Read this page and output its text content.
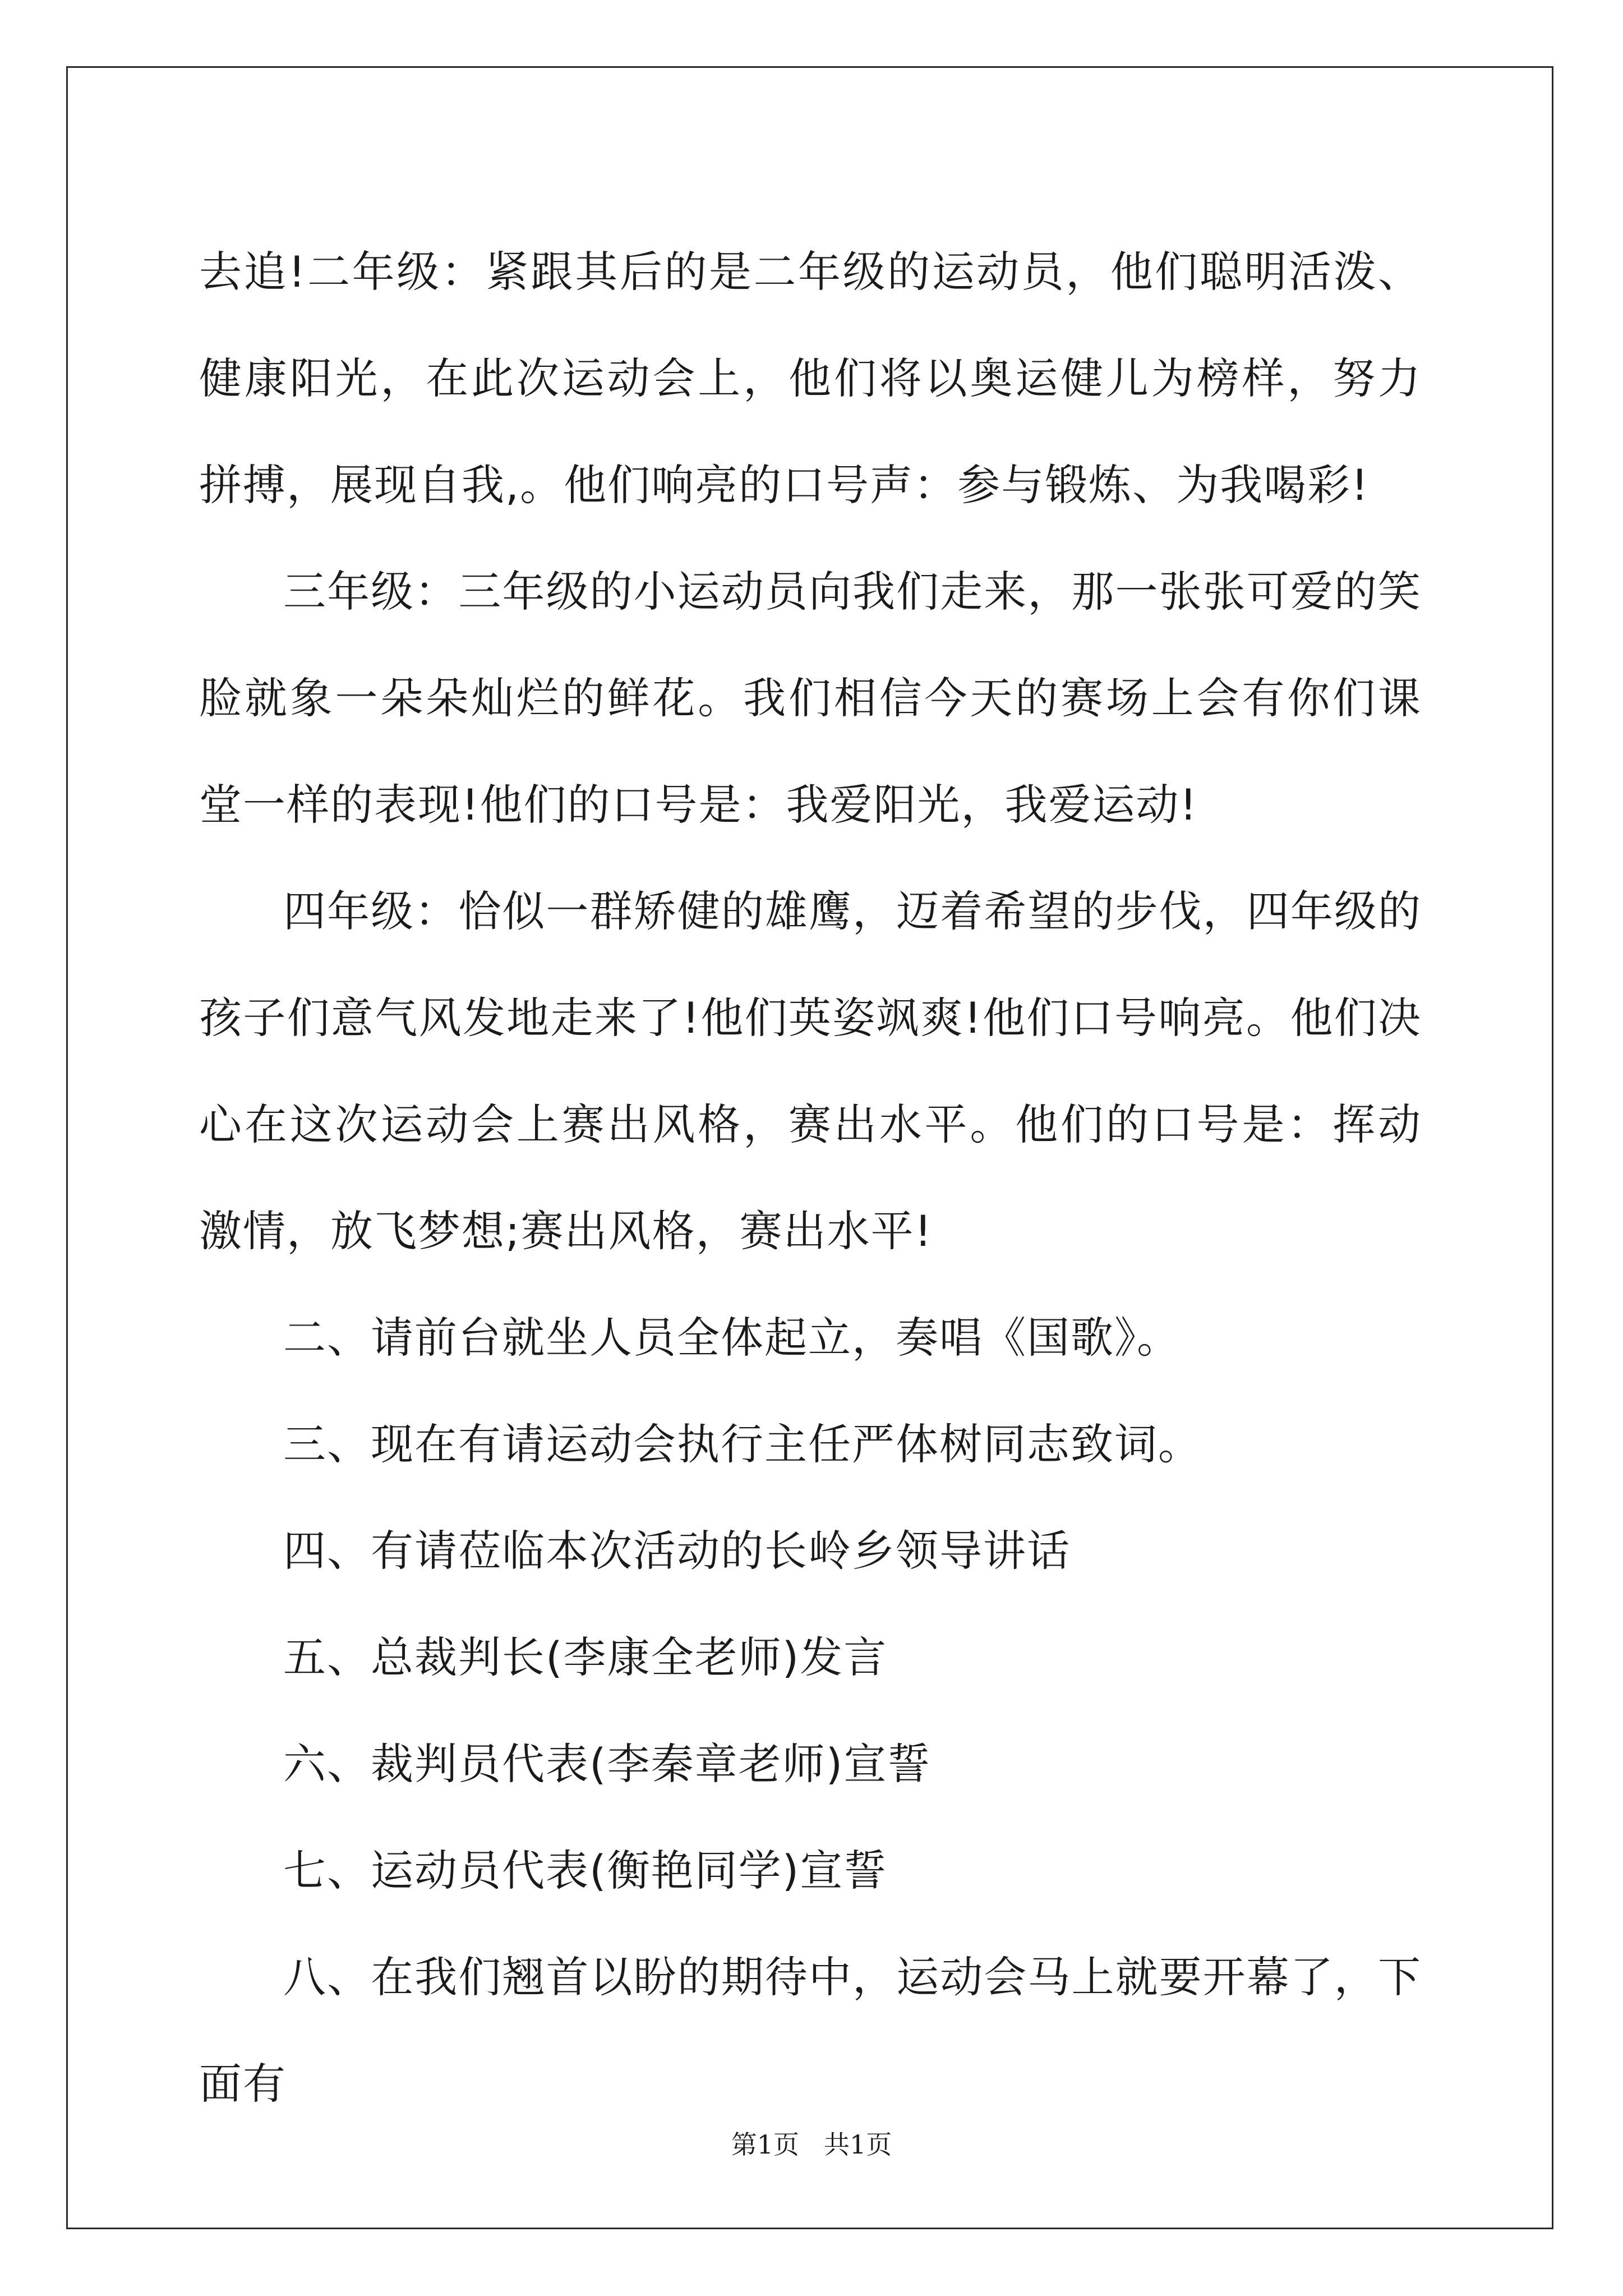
去追!二年级：紧跟其后的是二年级的运动员，他们聪明活泼、健康阳光，在此次运动会上，他们将以奥运健儿为榜样，努力拼搏，展现自我,。他们响亮的口号声：参与锻炼、为我喝彩!

三年级：三年级的小运动员向我们走来，那一张张可爱的笑脸就象一朵朵灿烂的鲜花。我们相信今天的赛场上会有你们课堂一样的表现!他们的口号是：我爱阳光，我爱运动!

四年级：恰似一群矫健的雄鹰，迈着希望的步伐，四年级的孩子们意气风发地走来了!他们英姿飒爽!他们口号响亮。他们决心在这次运动会上赛出风格，赛出水平。他们的口号是：挥动激情，放飞梦想;赛出风格，赛出水平!

二、请前台就坐人员全体起立，奏唱《国歌》。

三、现在有请运动会执行主任严体树同志致词。

四、有请莅临本次活动的长岭乡领导讲话

五、总裁判长(李康全老师)发言

六、裁判员代表(李秦章老师)宣誓

七、运动员代表(衡艳同学)宣誓

八、在我们翘首以盼的期待中，运动会马上就要开幕了，下面有

第1页 共1页
